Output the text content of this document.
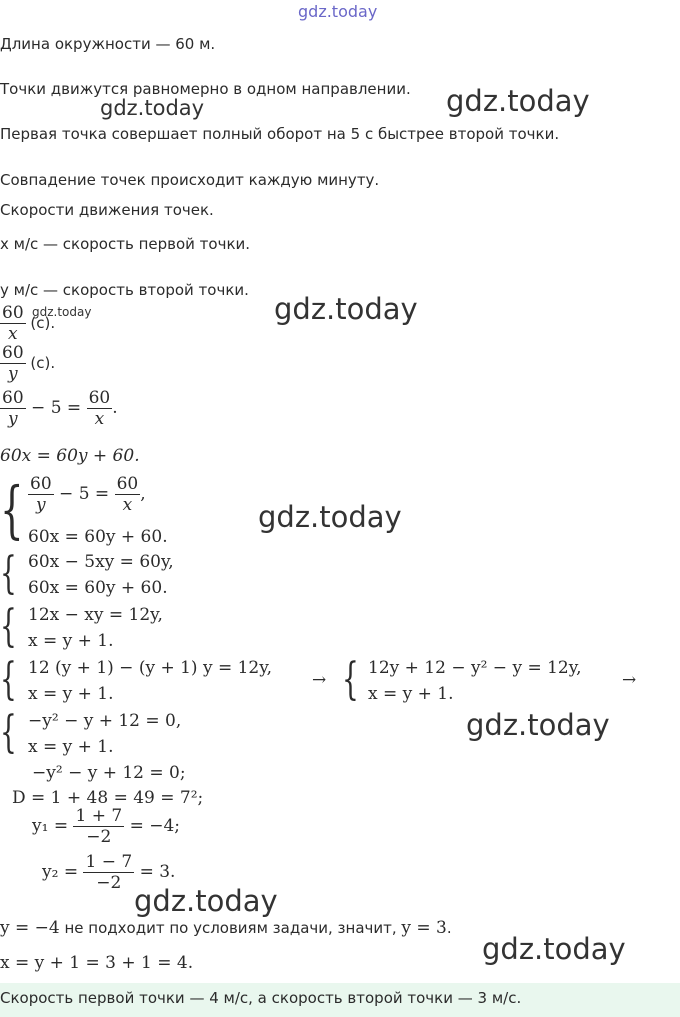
gdz.today
gdz.today	gdz.today
gdz.today
gdz.today
gdz.today
gdz.today
gdz.today
gdz.today
Длина окружности — 60 м.
Точки движутся равномерно в одном направлении.
Первая точка совершает полный оборот на 5 с быстрее второй точки.
Совпадение точек происходит каждую минуту.
Скорости движения точек.
x м/с — скорость первой точки.
y м/с — скорость второй точки.
$\frac{60}{x} (с)$.
$\frac{60}{y} (с)$.
$\frac{60}{y} - 5 = \frac{60}{x}$ .
60x = 60y + 60.
{ $\frac{60}{y} - 5 = \frac{60}{x}$ ,
60x = 60y + 60.
{ 60x − 5xy = 60y,
60x = 60y + 60.
{ 12x − xy = 12y,
x = y + 1.
{ 12 (y + 1) − (y + 1) y = 12y,
x = y + 1.
→ { 12y + 12 − y² − y = 12y,
x = y + 1.
→
{ −y² − y + 12 = 0,
x = y + 1.
−y² − y + 12 = 0;
D = 1 + 48 = 49 = 7²;
$y_1 = \frac{1 + 7}{-2} = -4$;
$y_2 = \frac{1 - 7}{-2} = 3$.
y = −4 не подходит по условиям задачи, значит, y = 3.
x = y + 1 = 3 + 1 = 4.
Скорость первой точки — 4 м/с, а скорость второй точки — 3 м/с.
